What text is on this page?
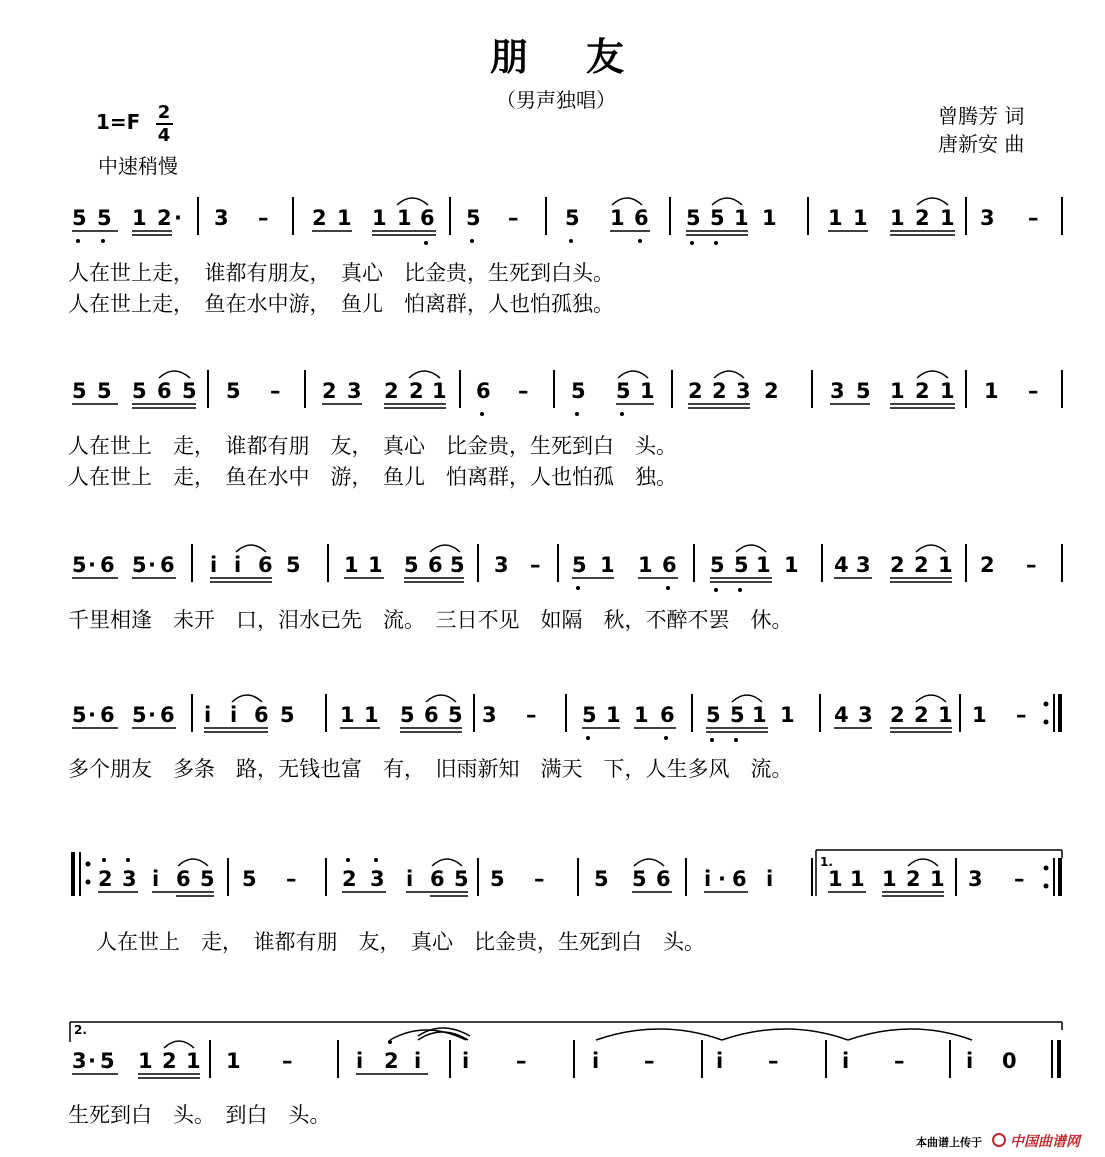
朋友
（男声独唱）
1=F 2
4
中速稍慢
曾腾芳 词
唐新安 曲
5 5 1 2 · 3 – 2 1 1 1 6 5 – 5 1 6 5 5 1 1 1 1 1 2 1 3 –
人在世上走，　谁都有朋友，　真心　比金贵，生死到白头。
人在世上走，　鱼在水中游，　鱼儿　怕离群，人也怕孤独。
5 5 5 6 5 5 – 2 3 2 2 1 6 – 5 5 1 2 2 3 2 3 5 1 2 1 1 –
人在世上　走，　谁都有朋　友，　真心　比金贵，生死到白　头。
人在世上　走，　鱼在水中　游，　鱼儿　怕离群，人也怕孤　独。
5 · 6 5 · 6 i i 6 5 1 1 5 6 5 3 – 5 1 1 6 5 5 1 1 4 3 2 2 1 2 –
千里相逢　未开　口，泪水已先　流。　三日不见　如隔　秋，不醉不罢　休。
5 · 6 5 · 6 i i 6 5 1 1 5 6 5 3 – 5 1 1 6 5 5 1 1 4 3 2 2 1 1 –
多个朋友　多条　路，无钱也富　有，　旧雨新知　满天　下，人生多风　流。
2 3 i 6 5 5 – 2 3 i 6 5 5 – 5 5 6 i · 6 i
1.
1 1 1 2 1 3 –
人在世上　走，　谁都有朋　友，　真心　比金贵，生死到白　头。
2.
3 · 5 1 2 1 1 –	i 2 i i –	i –	i –	i –	i 0
生死到白　头。　到白　头。
本曲谱上传于 中国曲谱网
